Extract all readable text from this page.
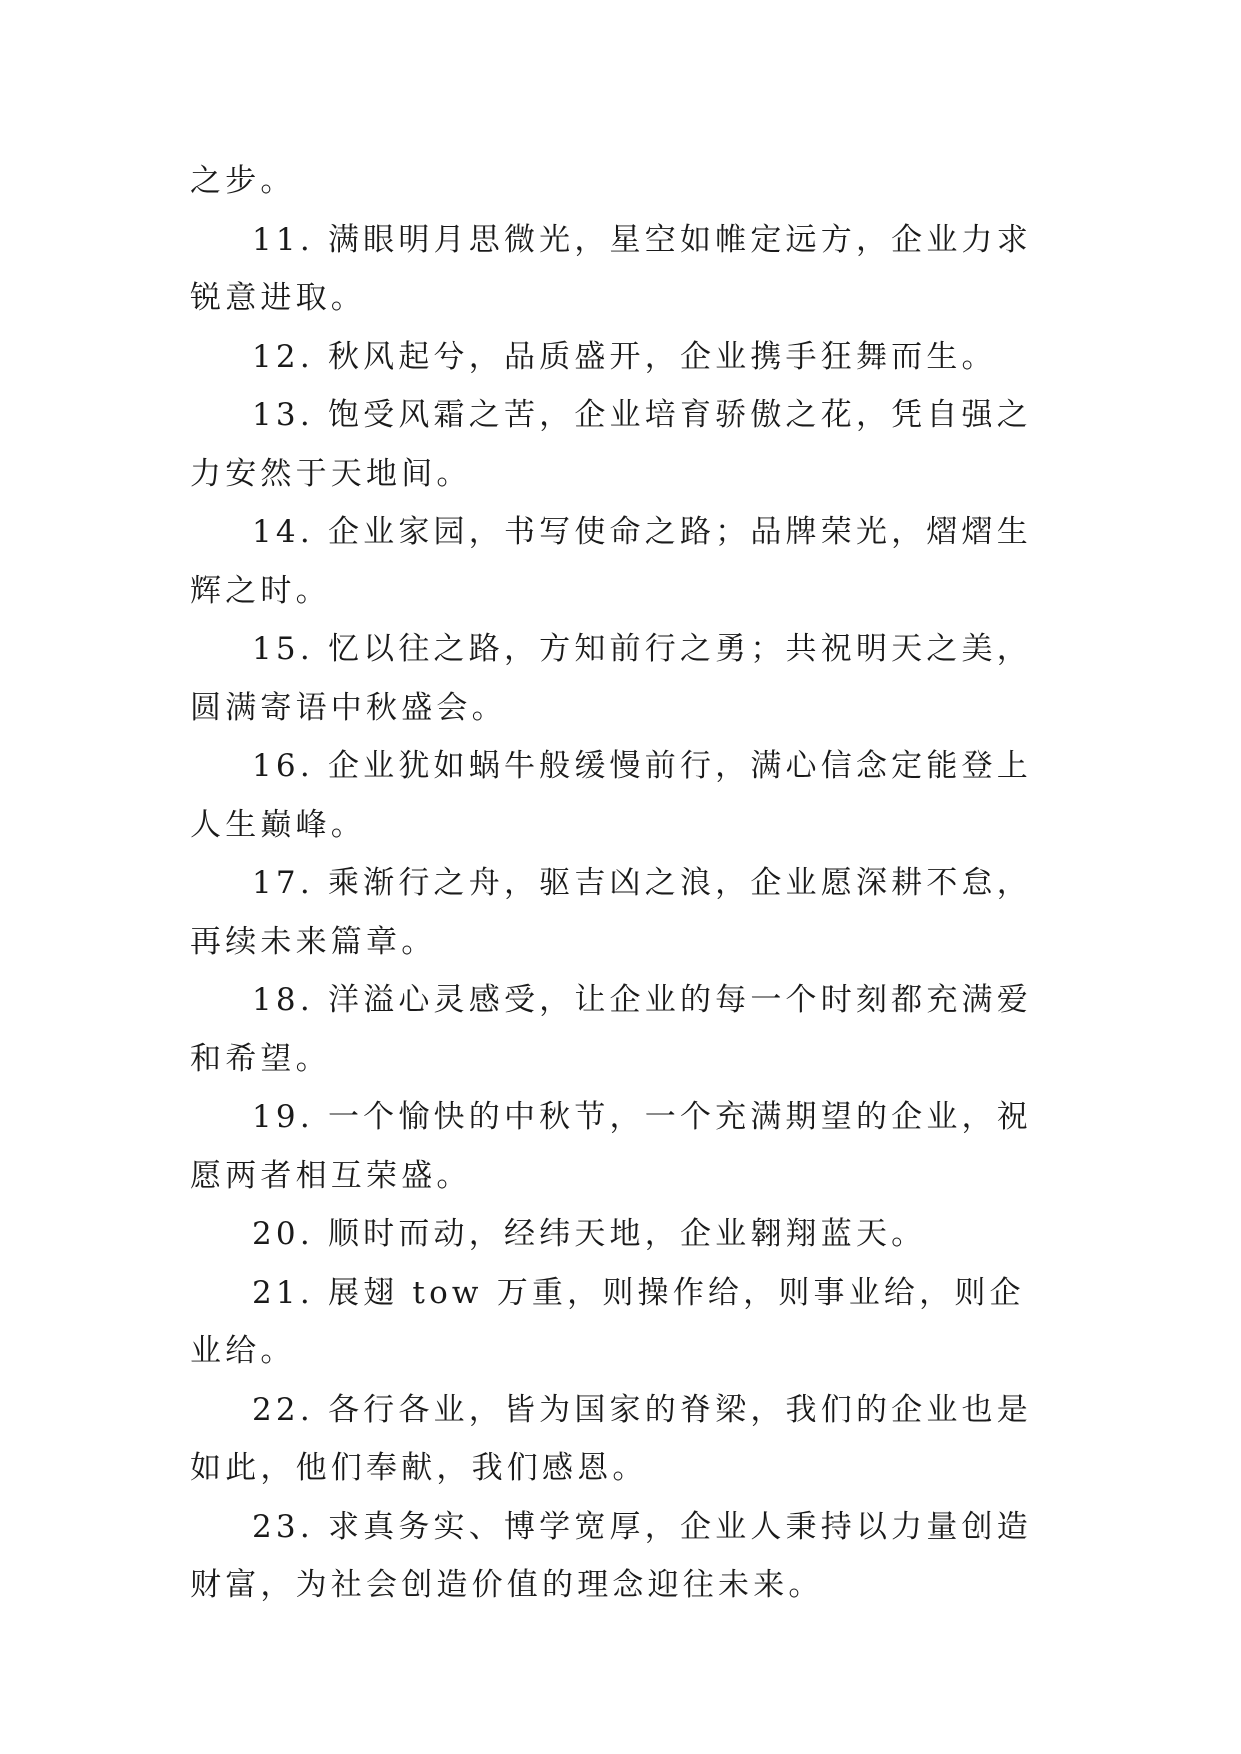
之步。

11. 满眼明月思微光，星空如帷定远方，企业力求锐意进取。

12. 秋风起兮，品质盛开，企业携手狂舞而生。

13. 饱受风霜之苦，企业培育骄傲之花，凭自强之力安然于天地间。

14. 企业家园，书写使命之路；品牌荣光，熠熠生辉之时。

15. 忆以往之路，方知前行之勇；共祝明天之美，圆满寄语中秋盛会。

16. 企业犹如蜗牛般缓慢前行，满心信念定能登上人生巅峰。

17. 乘渐行之舟，驱吉凶之浪，企业愿深耕不怠，再续未来篇章。

18. 洋溢心灵感受，让企业的每一个时刻都充满爱和希望。

19. 一个愉快的中秋节，一个充满期望的企业，祝愿两者相互荣盛。

20. 顺时而动，经纬天地，企业翱翔蓝天。

21. 展翅 tow 万重，则操作给，则事业给，则企业给。

22. 各行各业，皆为国家的脊梁，我们的企业也是如此，他们奉献，我们感恩。

23. 求真务实、博学宽厚，企业人秉持以力量创造财富，为社会创造价值的理念迎往未来。
